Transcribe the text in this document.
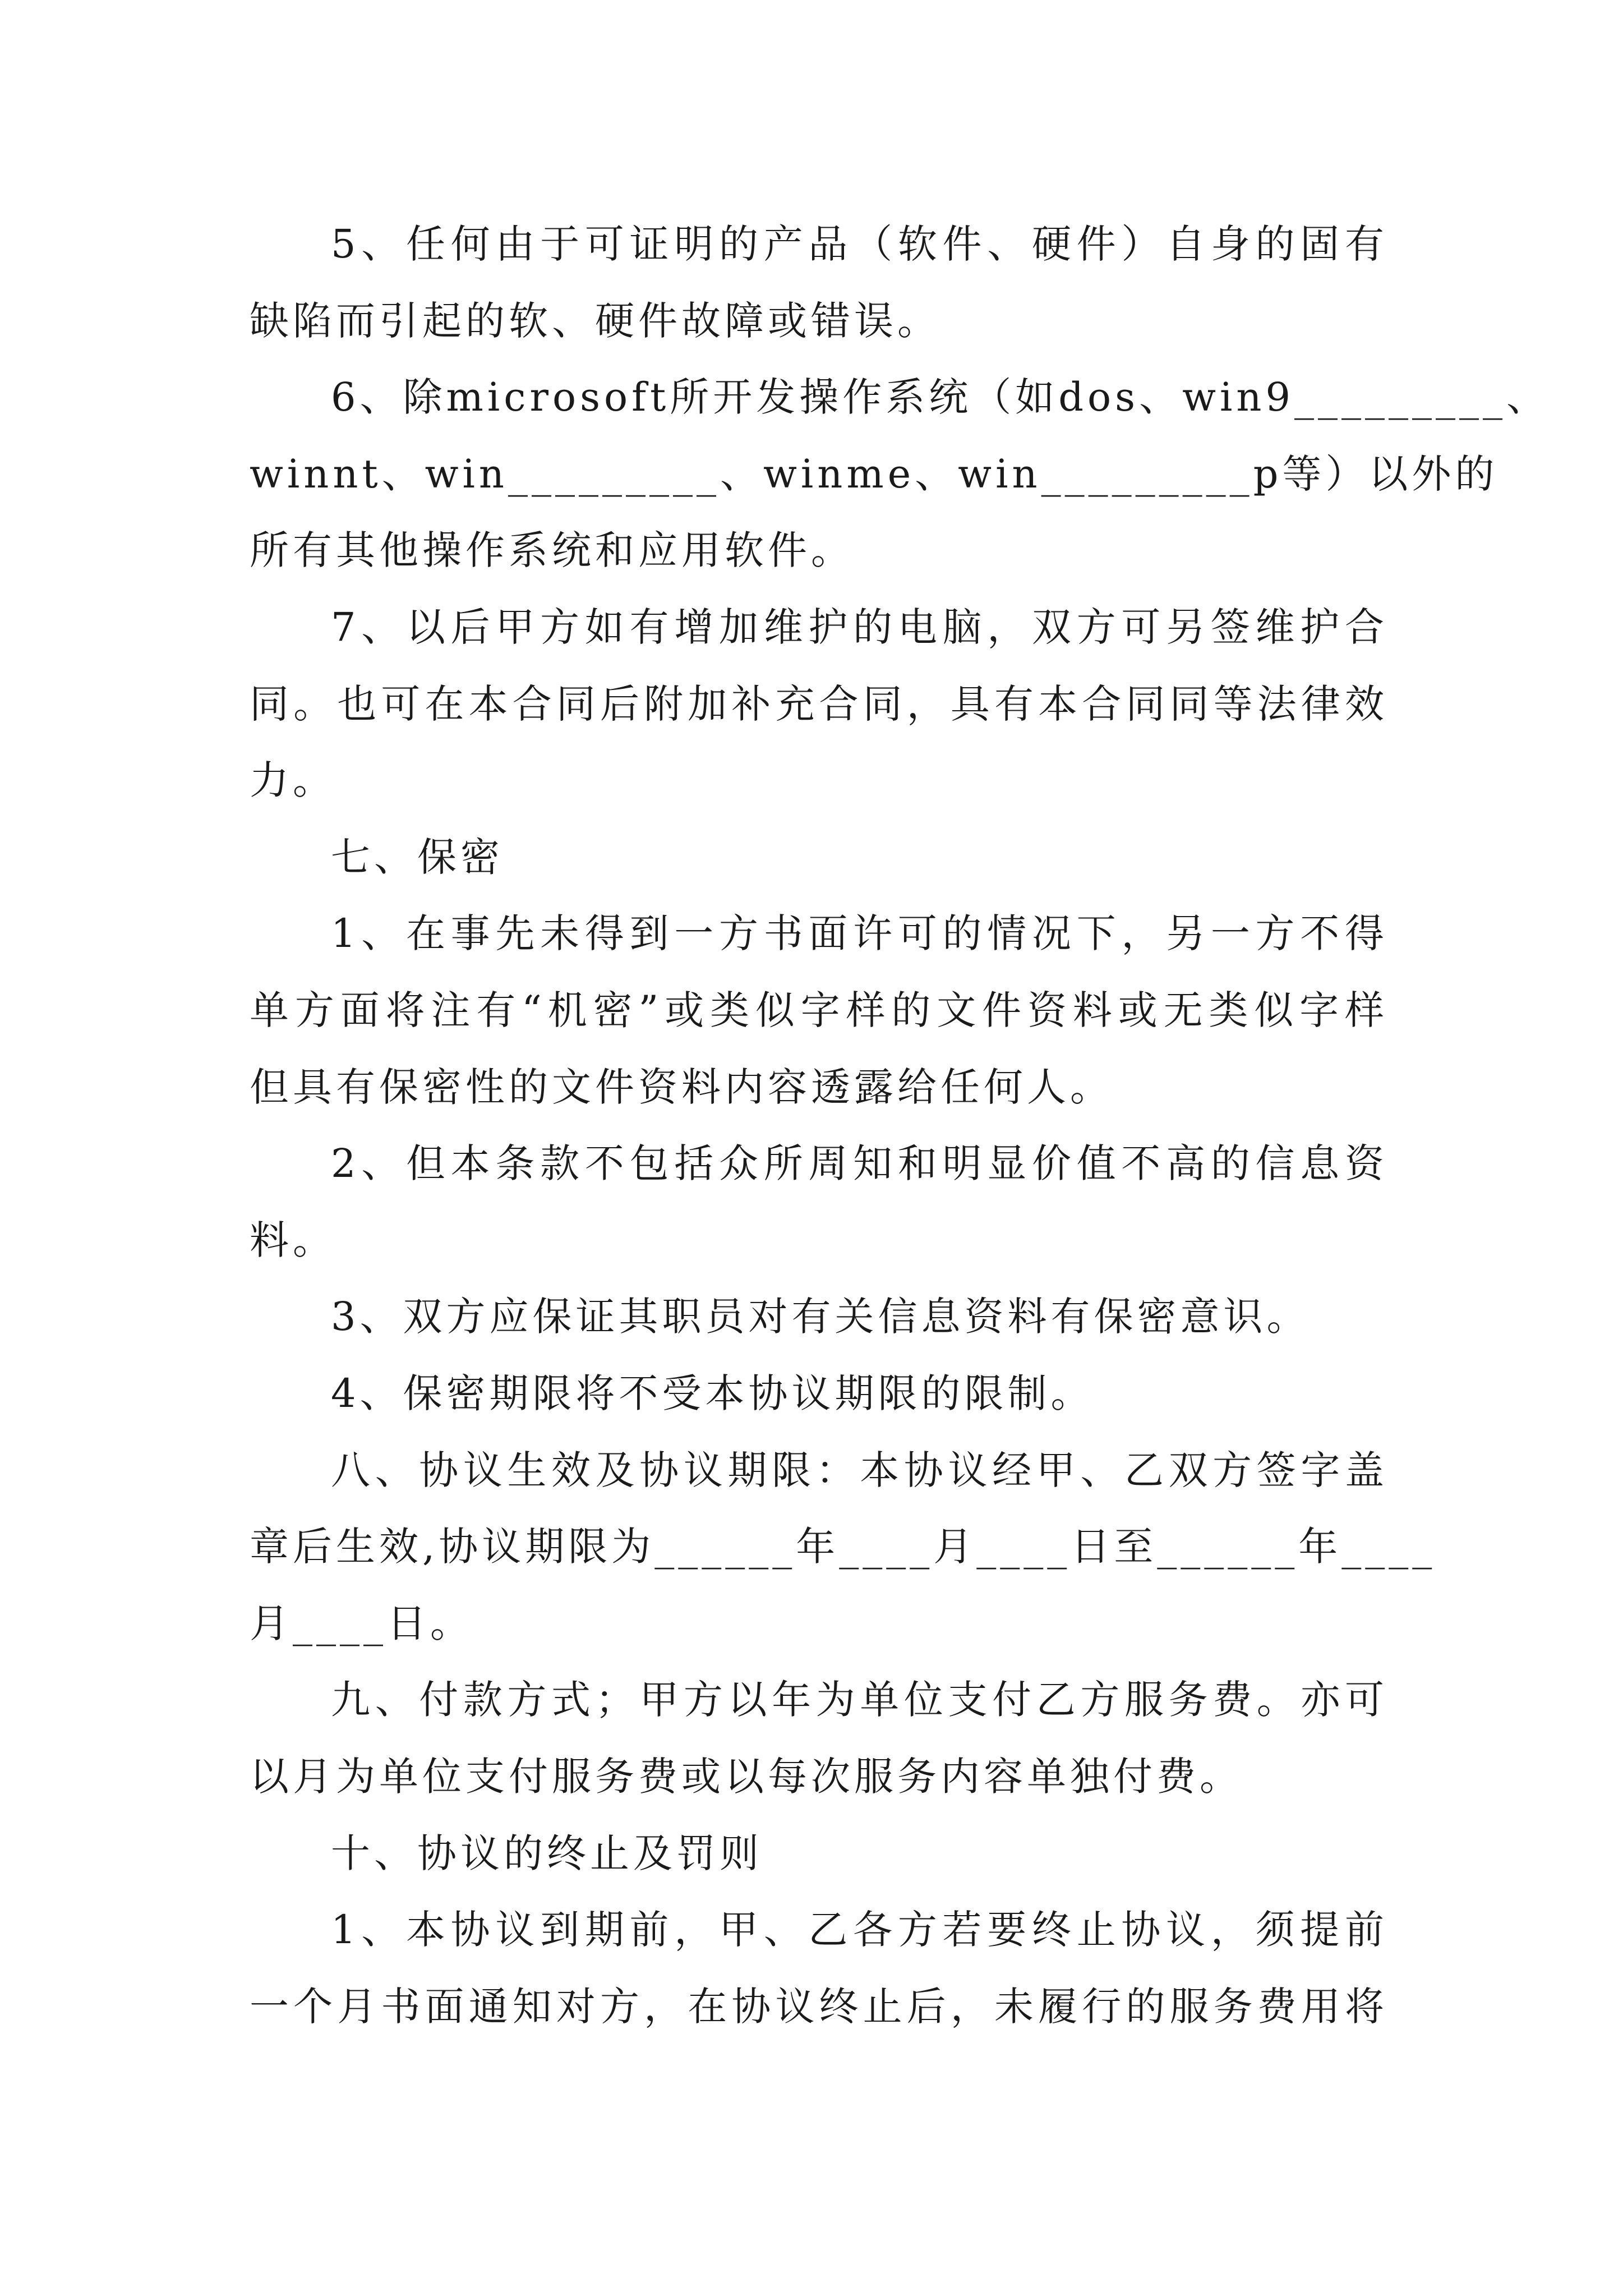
5、任何由于可证明的产品（软件、硬件）自身的固有
缺陷而引起的软、硬件故障或错误。
6、除microsoft所开发操作系统（如dos、win9_________、
winnt、win_________、winme、win_________p等）以外的
所有其他操作系统和应用软件。
7、以后甲方如有增加维护的电脑，双方可另签维护合
同。也可在本合同后附加补充合同，具有本合同同等法律效
力。
七、保密
1、在事先未得到一方书面许可的情况下，另一方不得
单方面将注有“机密”或类似字样的文件资料或无类似字样
但具有保密性的文件资料内容透露给任何人。
2、但本条款不包括众所周知和明显价值不高的信息资
料。
3、双方应保证其职员对有关信息资料有保密意识。
4、保密期限将不受本协议期限的限制。
八、协议生效及协议期限：本协议经甲、乙双方签字盖
章后生效,协议期限为______年____月____日至______年____
月____日。
九、付款方式；甲方以年为单位支付乙方服务费。亦可
以月为单位支付服务费或以每次服务内容单独付费。
十、协议的终止及罚则
1、本协议到期前，甲、乙各方若要终止协议，须提前
一个月书面通知对方，在协议终止后，未履行的服务费用将
